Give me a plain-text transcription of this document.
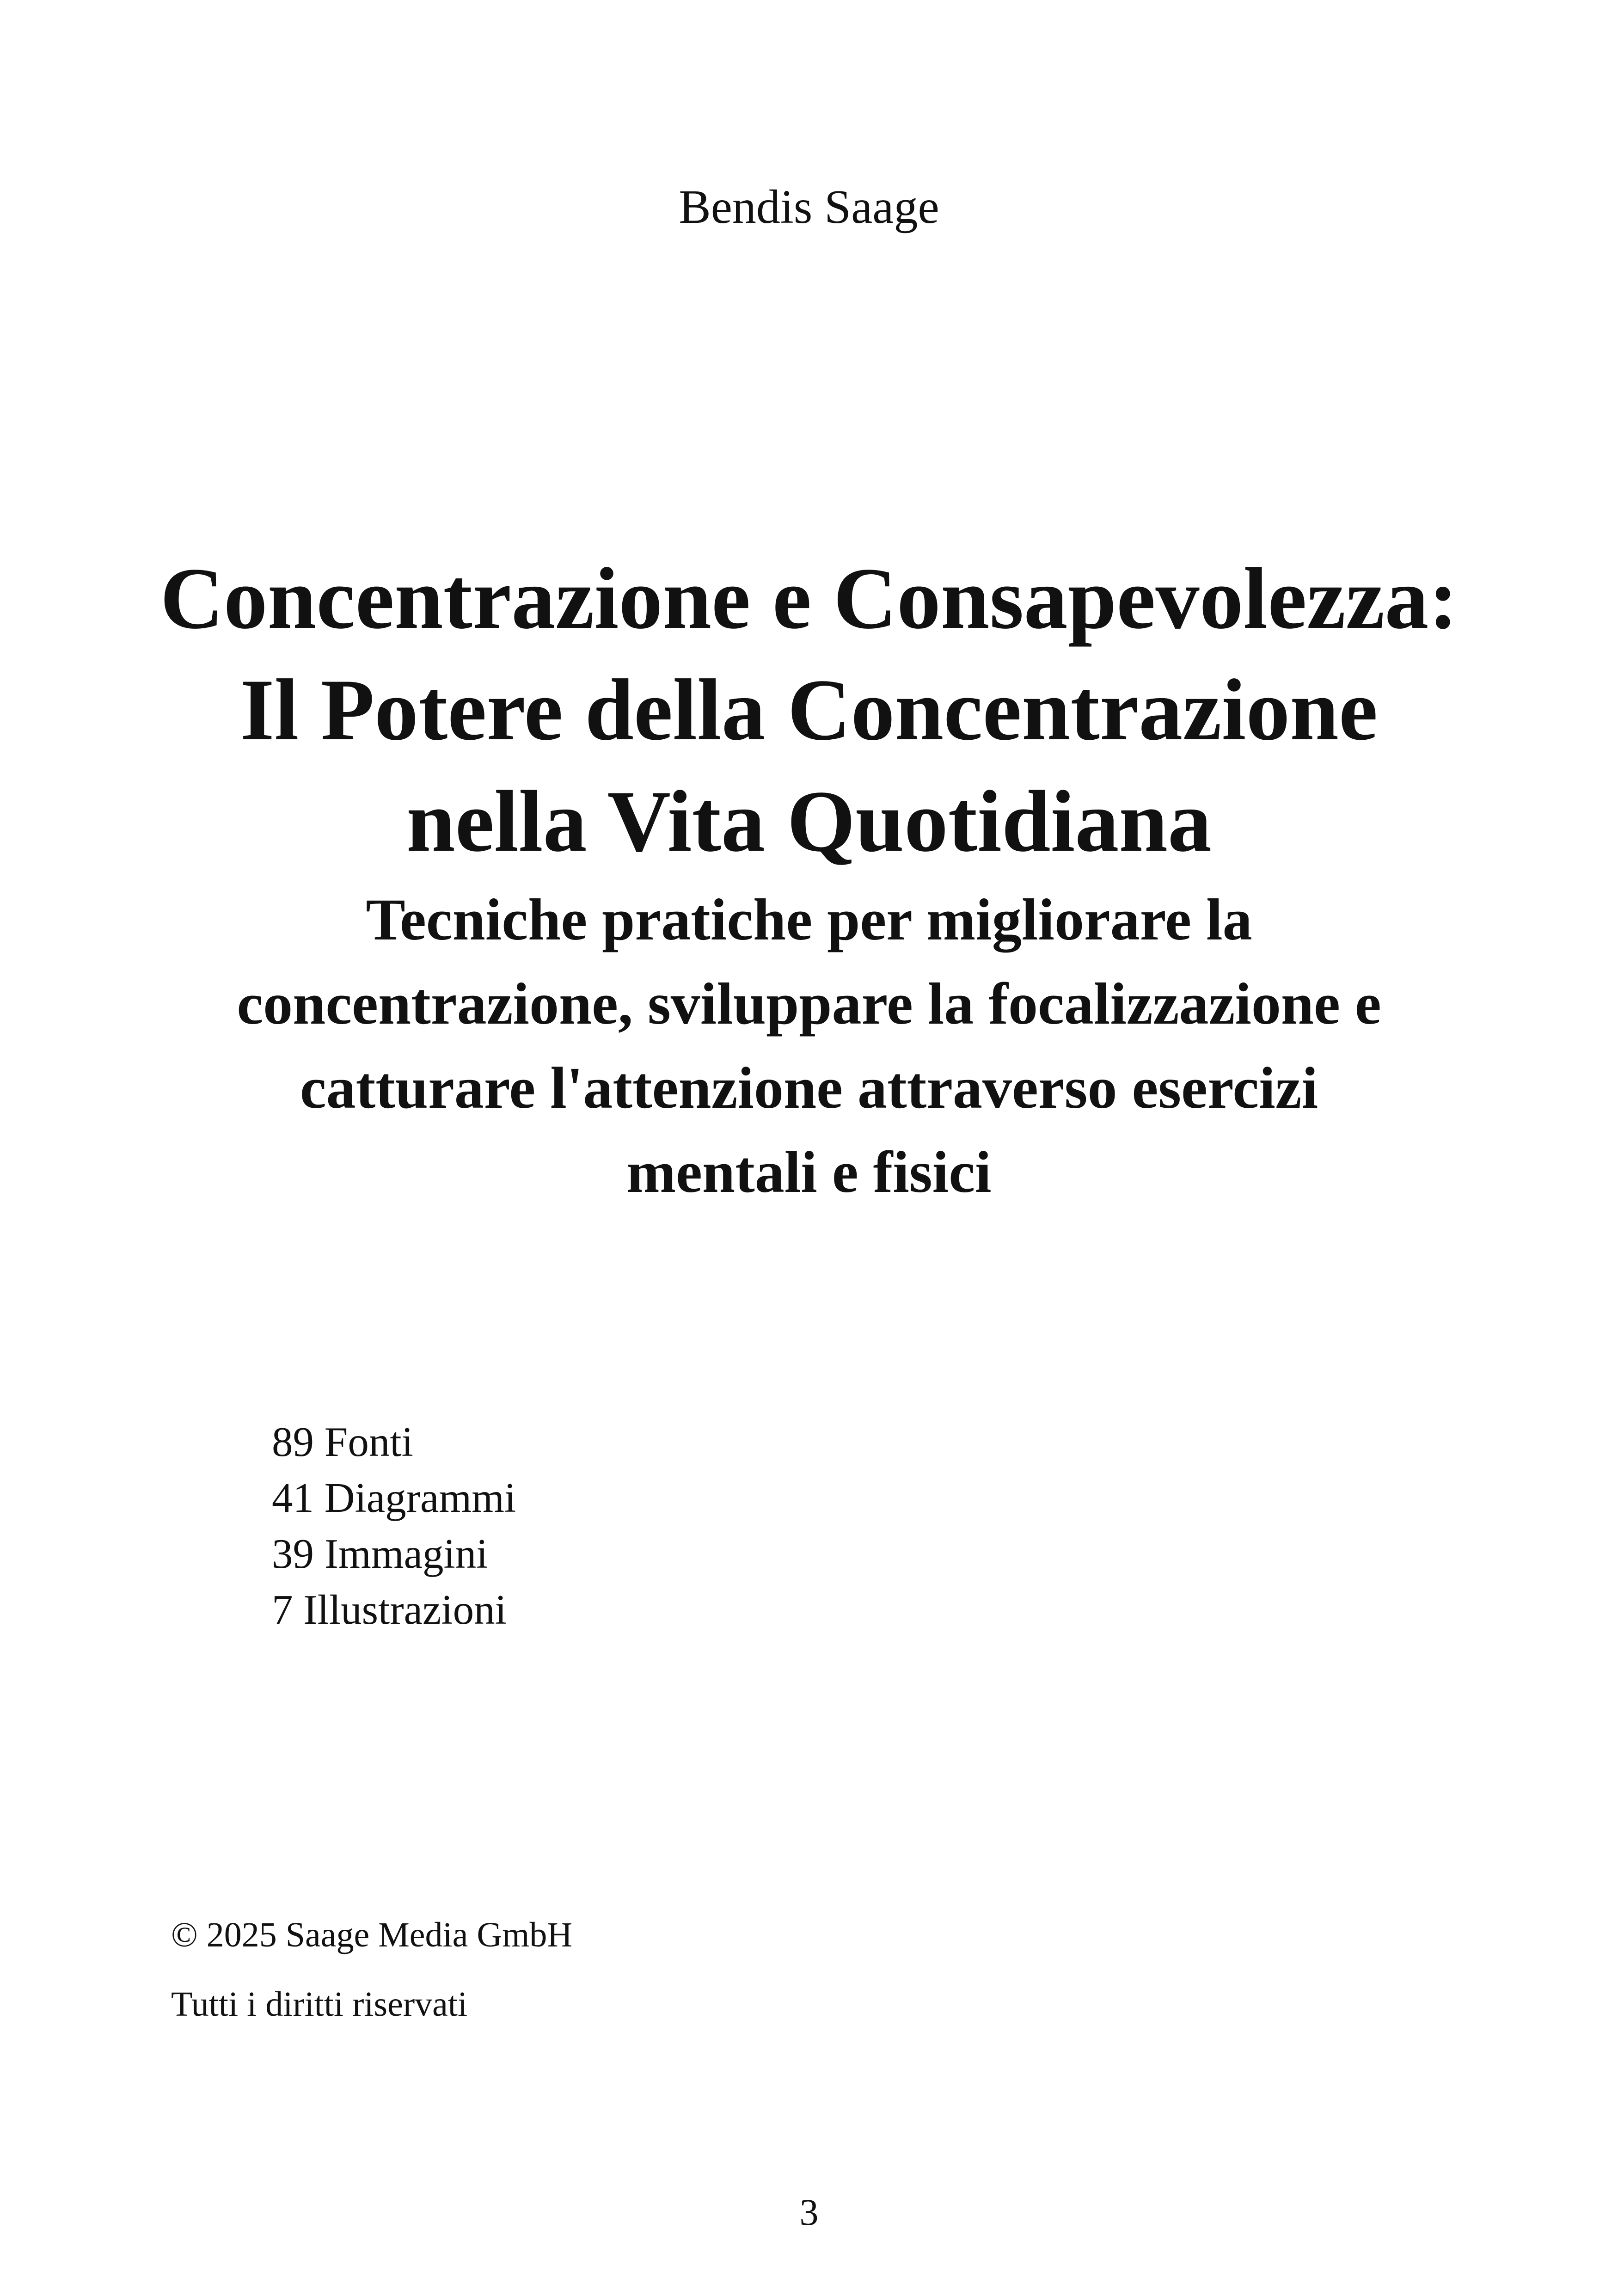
Bendis Saage
Concentrazione e Consapevolezza:
Il Potere della Concentrazione
nella Vita Quotidiana
Tecniche pratiche per migliorare la
concentrazione, sviluppare la focalizzazione e
catturare l'attenzione attraverso esercizi
mentali e fisici
89 Fonti
41 Diagrammi
39 Immagini
7 Illustrazioni
© 2025 Saage Media GmbH
Tutti i diritti riservati
3
